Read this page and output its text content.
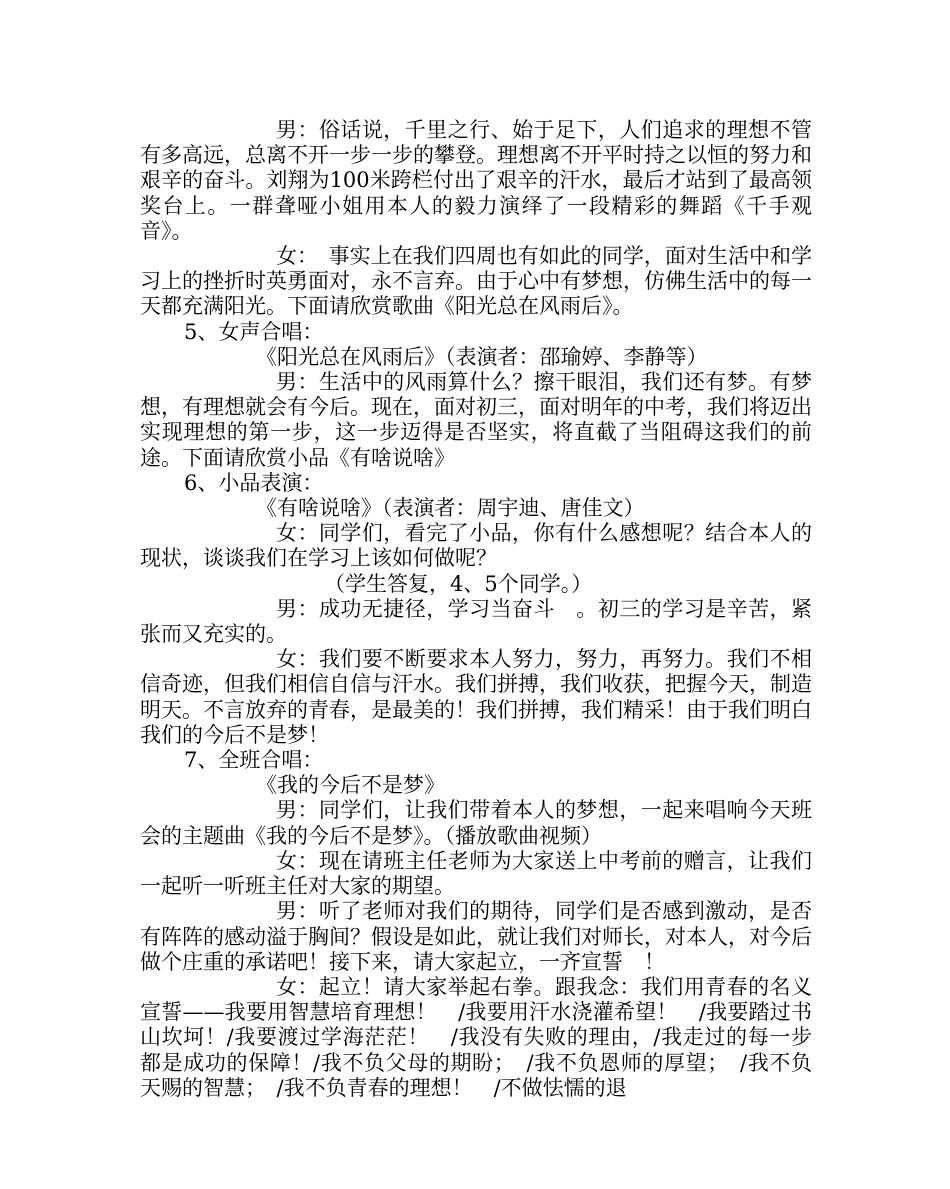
男：俗话说，千里之行、始于足下，人们追求的理想不管有多高远，总离不开一步一步的攀登。理想离不开平时持之以恒的努力和艰辛的奋斗。刘翔为100米跨栏付出了艰辛的汗水，最后才站到了最高领奖台上。一群聋哑小姐用本人的毅力演绎了一段精彩的舞蹈《千手观音》。

女：　事实上在我们四周也有如此的同学，面对生活中和学习上的挫折时英勇面对，永不言弃。由于心中有梦想，仿佛生活中的每一天都充满阳光。下面请欣赏歌曲《阳光总在风雨后》。

5、女声合唱：

《阳光总在风雨后》（表演者：邵瑜婷、李静等）

男：生活中的风雨算什么？擦干眼泪，我们还有梦。有梦想，有理想就会有今后。现在，面对初三，面对明年的中考，我们将迈出实现理想的第一步，这一步迈得是否坚实，将直截了当阻碍这我们的前途。下面请欣赏小品《有啥说啥》

6、小品表演：

《有啥说啥》（表演者：周宇迪、唐佳文）

女：同学们，看完了小品，你有什么感想呢？结合本人的现状，谈谈我们在学习上该如何做呢？

（学生答复，4、5个同学。）

男：成功无捷径，学习当奋斗　。初三的学习是辛苦，紧张而又充实的。

女：我们要不断要求本人努力，努力，再努力。我们不相信奇迹，但我们相信自信与汗水。我们拼搏，我们收获，把握今天，制造明天。不言放弃的青春，是最美的！我们拼搏，我们精采！由于我们明白我们的今后不是梦！

7、全班合唱：

《我的今后不是梦》

男：同学们，让我们带着本人的梦想，一起来唱响今天班会的主题曲《我的今后不是梦》。（播放歌曲视频）

女：现在请班主任老师为大家送上中考前的赠言，让我们一起听一听班主任对大家的期望。

男：听了老师对我们的期待，同学们是否感到激动，是否有阵阵的感动溢于胸间？假设是如此，就让我们对师长，对本人，对今后做个庄重的承诺吧！接下来，请大家起立，一齐宣誓　！

女：起立！请大家举起右拳。跟我念：我们用青春的名义宣誓——我要用智慧培育理想！　/我要用汗水浇灌希望！　/我要踏过书山坎坷！/我要渡过学海茫茫！　/我没有失败的理由，/我走过的每一步都是成功的保障！/我不负父母的期盼；　/我不负恩师的厚望；　/我不负天赐的智慧；　/我不负青春的理想！　/不做怯懦的退
